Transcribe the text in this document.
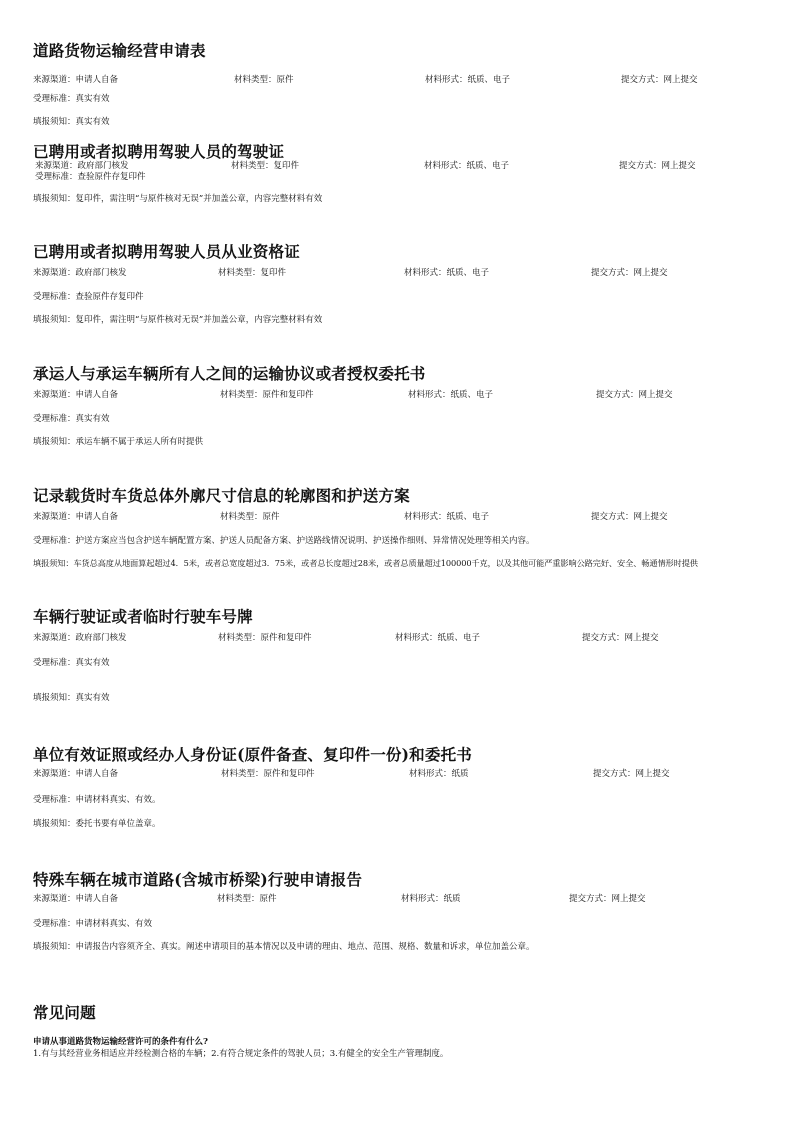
道路货物运输经营申请表
来源渠道：申请人自备	材料类型：原件	材料形式：纸质、电子	提交方式：网上提交
受理标准：真实有效
填报须知：真实有效
已聘用或者拟聘用驾驶人员的驾驶证
来源渠道：政府部门核发	材料类型：复印件	材料形式：纸质、电子	提交方式：网上提交
受理标准：查验原件存复印件
填报须知：复印件，需注明“与原件核对无误”并加盖公章，内容完整材料有效
已聘用或者拟聘用驾驶人员从业资格证
来源渠道：政府部门核发	材料类型：复印件	材料形式：纸质、电子	提交方式：网上提交
受理标准：查验原件存复印件
填报须知：复印件，需注明“与原件核对无误”并加盖公章，内容完整材料有效
承运人与承运车辆所有人之间的运输协议或者授权委托书
来源渠道：申请人自备	材料类型：原件和复印件	材料形式：纸质、电子	提交方式：网上提交
受理标准：真实有效
填报须知：承运车辆不属于承运人所有时提供
记录载货时车货总体外廓尺寸信息的轮廓图和护送方案
来源渠道：申请人自备	材料类型：原件	材料形式：纸质、电子	提交方式：网上提交
受理标准：护送方案应当包含护送车辆配置方案、护送人员配备方案、护送路线情况说明、护送操作细则、异常情况处理等相关内容。
填报须知：车货总高度从地面算起超过4．5米，或者总宽度超过3．75米，或者总长度超过28米，或者总质量超过100000千克，以及其他可能严重影响公路完好、安全、畅通情形时提供
车辆行驶证或者临时行驶车号牌
来源渠道：政府部门核发	材料类型：原件和复印件	材料形式：纸质、电子	提交方式：网上提交
受理标准：真实有效
填报须知：真实有效
单位有效证照或经办人身份证(原件备查、复印件一份)和委托书
来源渠道：申请人自备	材料类型：原件和复印件	材料形式：纸质	提交方式：网上提交
受理标准：申请材料真实、有效。
填报须知：委托书要有单位盖章。
特殊车辆在城市道路(含城市桥梁)行驶申请报告
来源渠道：申请人自备	材料类型：原件	材料形式：纸质	提交方式：网上提交
受理标准：申请材料真实、有效
填报须知：申请报告内容须齐全、真实。阐述申请项目的基本情况以及申请的理由、地点、范围、规格、数量和诉求，单位加盖公章。
常见问题
申请从事道路货物运输经营许可的条件有什么?
1.有与其经营业务相适应并经检测合格的车辆；2.有符合规定条件的驾驶人员；3.有健全的安全生产管理制度。
